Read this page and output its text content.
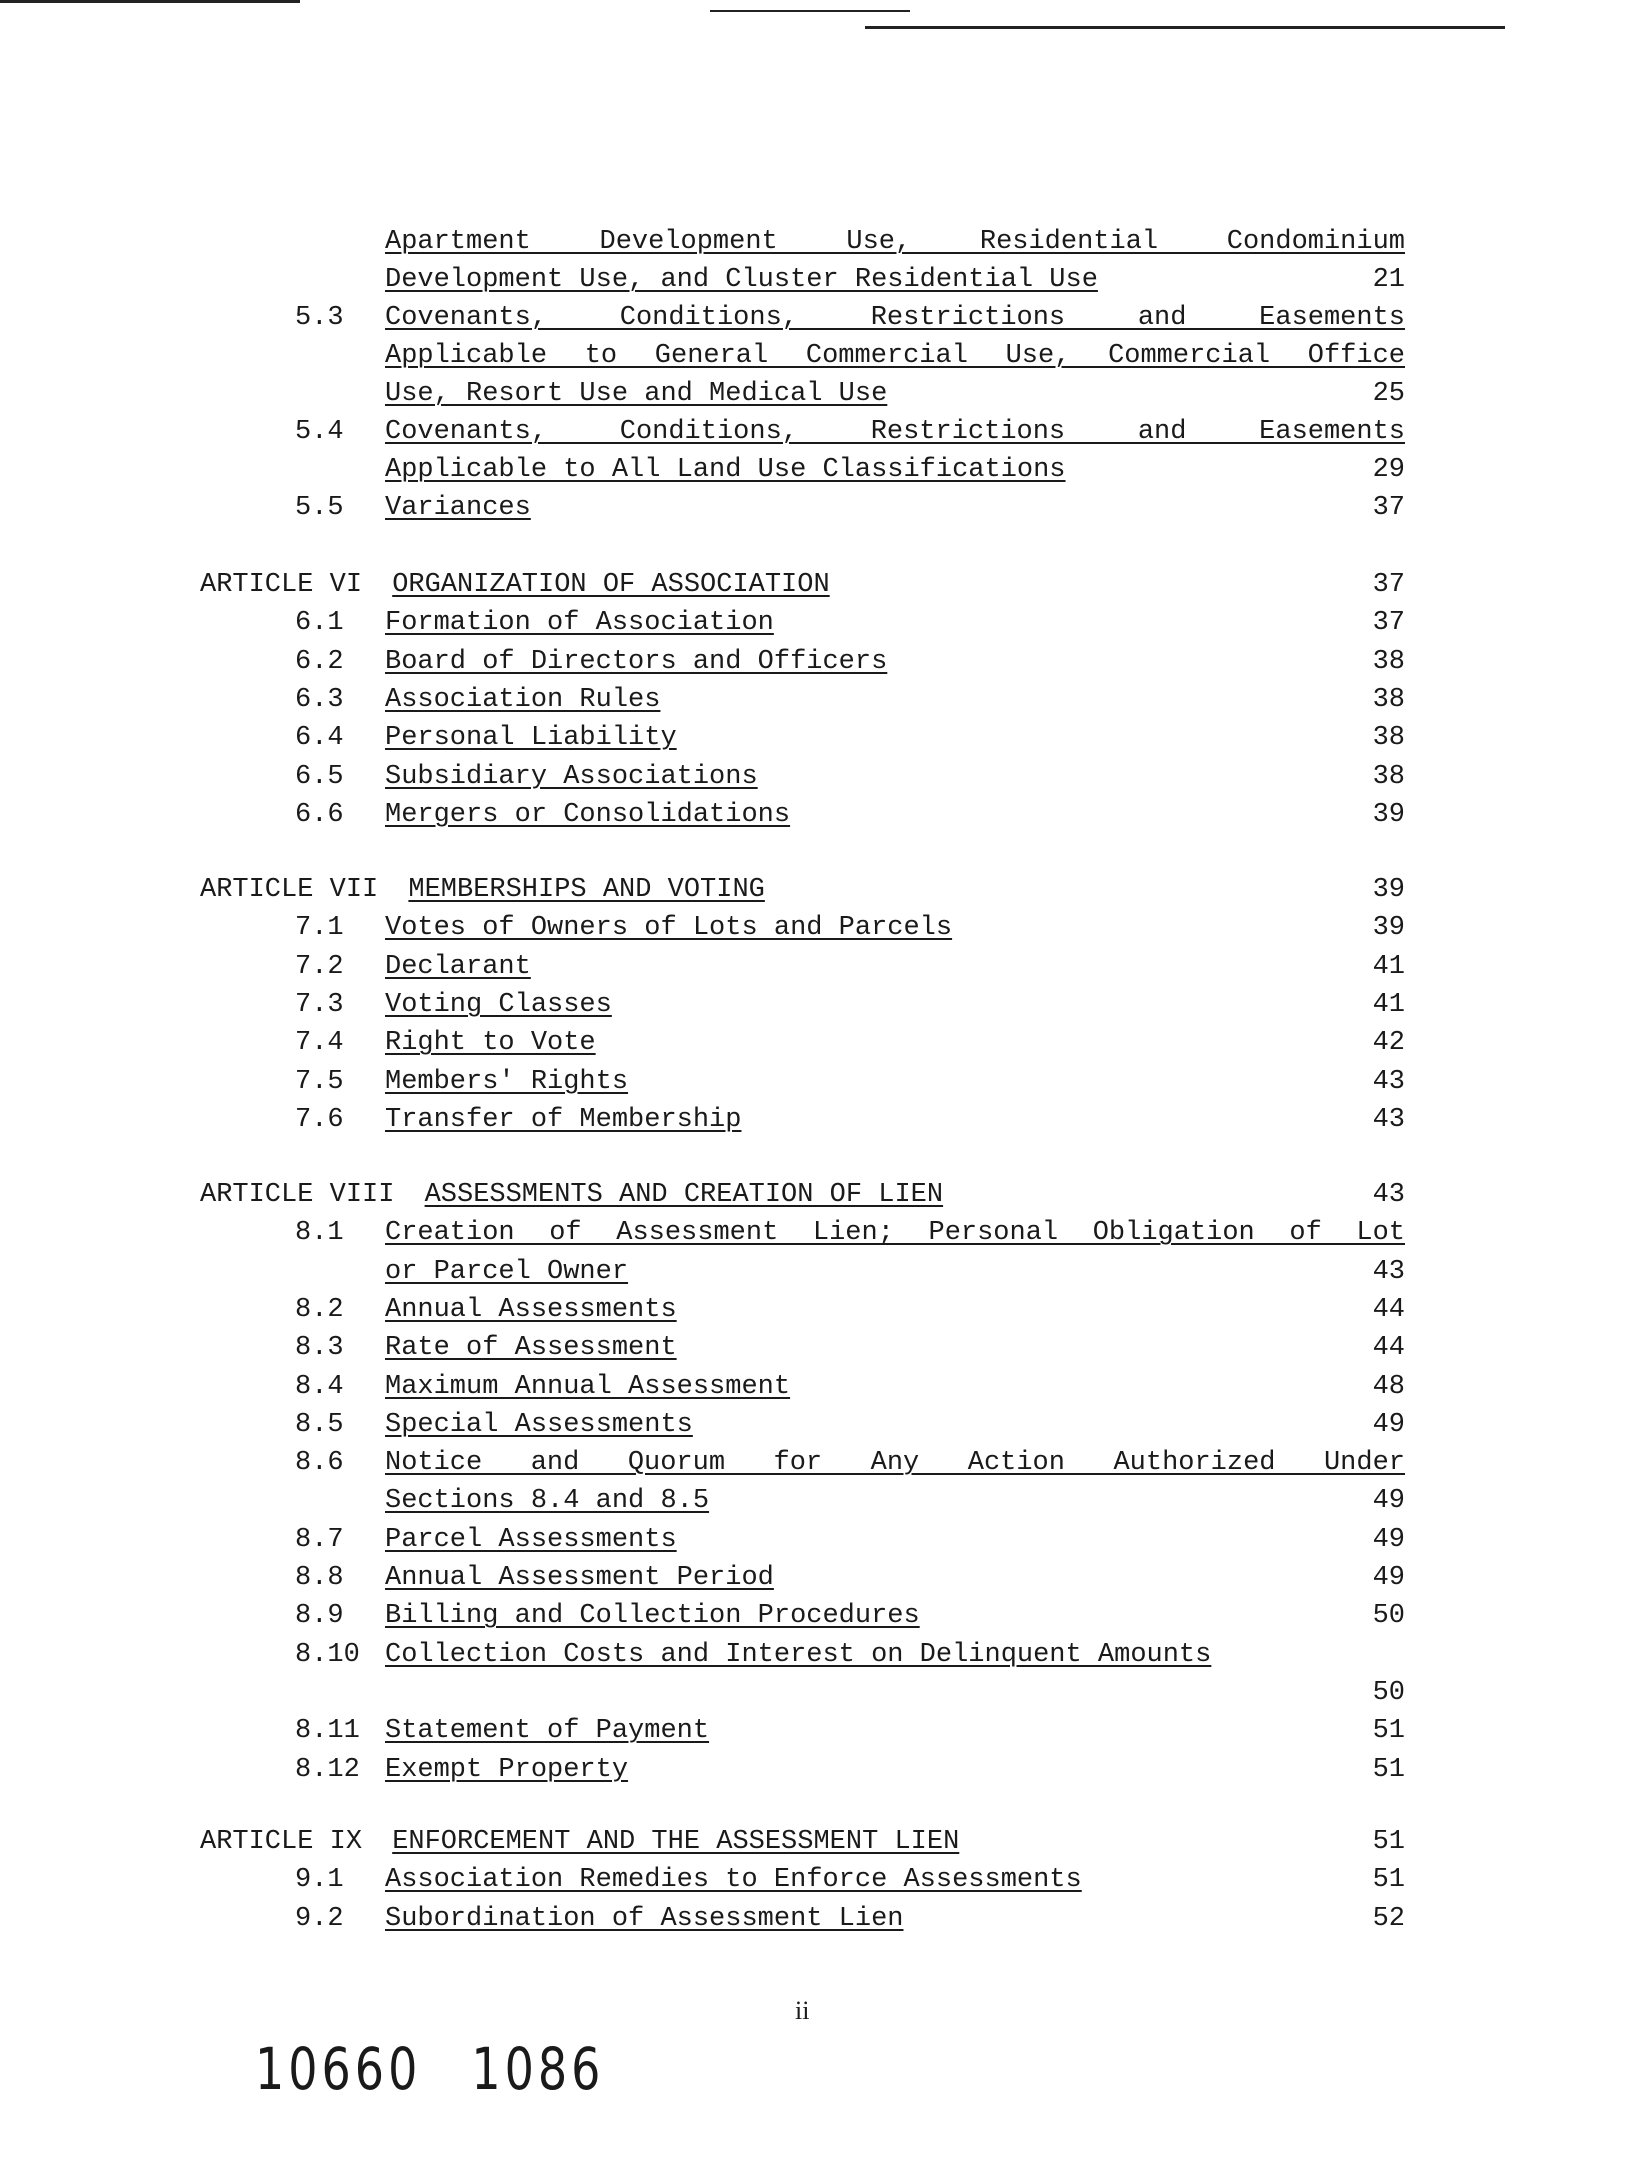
Apartment Development Use, Residential Condominium
Development Use, and Cluster Residential Use	21
5.3 Covenants, Conditions, Restrictions and Easements
Applicable to General Commercial Use, Commercial Office
Use, Resort Use and Medical Use	25
5.4 Covenants, Conditions, Restrictions and Easements
Applicable to All Land Use Classifications	29
5.5 Variances	37
ARTICLE VI ORGANIZATION OF ASSOCIATION	37
6.1 Formation of Association	37
6.2 Board of Directors and Officers	38
6.3 Association Rules	38
6.4 Personal Liability	38
6.5 Subsidiary Associations	38
6.6 Mergers or Consolidations	39
ARTICLE VII MEMBERSHIPS AND VOTING	39
7.1 Votes of Owners of Lots and Parcels	39
7.2 Declarant	41
7.3 Voting Classes	41
7.4 Right to Vote	42
7.5 Members' Rights	43
7.6 Transfer of Membership	43
ARTICLE VIII ASSESSMENTS AND CREATION OF LIEN	43
8.1 Creation of Assessment Lien; Personal Obligation of Lot
or Parcel Owner	43
8.2 Annual Assessments	44
8.3 Rate of Assessment	44
8.4 Maximum Annual Assessment	48
8.5 Special Assessments	49
8.6 Notice and Quorum for Any Action Authorized Under
Sections 8.4 and 8.5	49
8.7 Parcel Assessments	49
8.8 Annual Assessment Period	49
8.9 Billing and Collection Procedures	50
8.10 Collection Costs and Interest on Delinquent Amounts
50
8.11 Statement of Payment	51
8.12 Exempt Property	51
ARTICLE IX ENFORCEMENT AND THE ASSESSMENT LIEN	51
9.1 Association Remedies to Enforce Assessments	51
9.2 Subordination of Assessment Lien	52
ii
10660 1086
